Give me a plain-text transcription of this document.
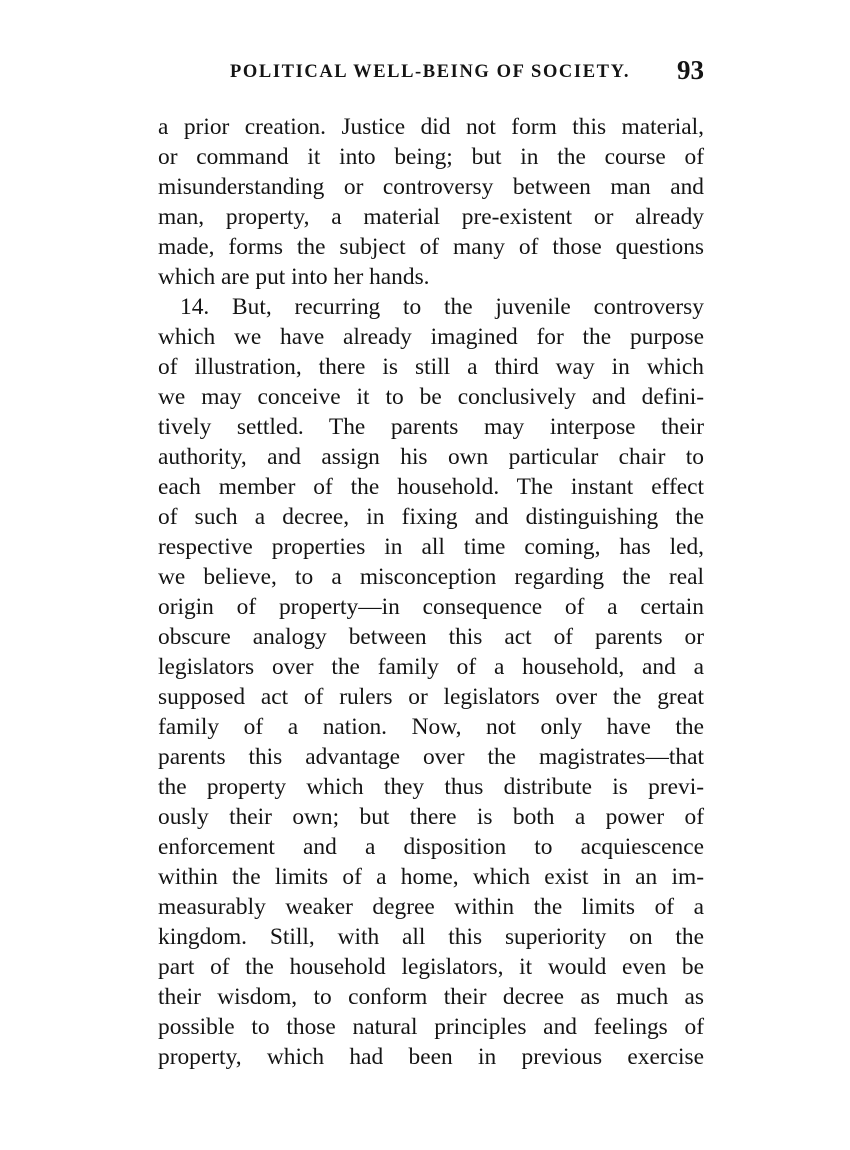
POLITICAL WELL-BEING OF SOCIETY. 93
a prior creation. Justice did not form this material,
or command it into being; but in the course of
misunderstanding or controversy between man and
man, property, a material pre-existent or already
made, forms the subject of many of those questions
which are put into her hands.
14. But, recurring to the juvenile controversy
which we have already imagined for the purpose
of illustration, there is still a third way in which
we may conceive it to be conclusively and defini-
tively settled. The parents may interpose their
authority, and assign his own particular chair to
each member of the household. The instant effect
of such a decree, in fixing and distinguishing the
respective properties in all time coming, has led,
we believe, to a misconception regarding the real
origin of property—in consequence of a certain
obscure analogy between this act of parents or
legislators over the family of a household, and a
supposed act of rulers or legislators over the great
family of a nation. Now, not only have the
parents this advantage over the magistrates—that
the property which they thus distribute is previ-
ously their own; but there is both a power of
enforcement and a disposition to acquiescence
within the limits of a home, which exist in an im-
measurably weaker degree within the limits of a
kingdom. Still, with all this superiority on the
part of the household legislators, it would even be
their wisdom, to conform their decree as much as
possible to those natural principles and feelings of
property, which had been in previous exercise
